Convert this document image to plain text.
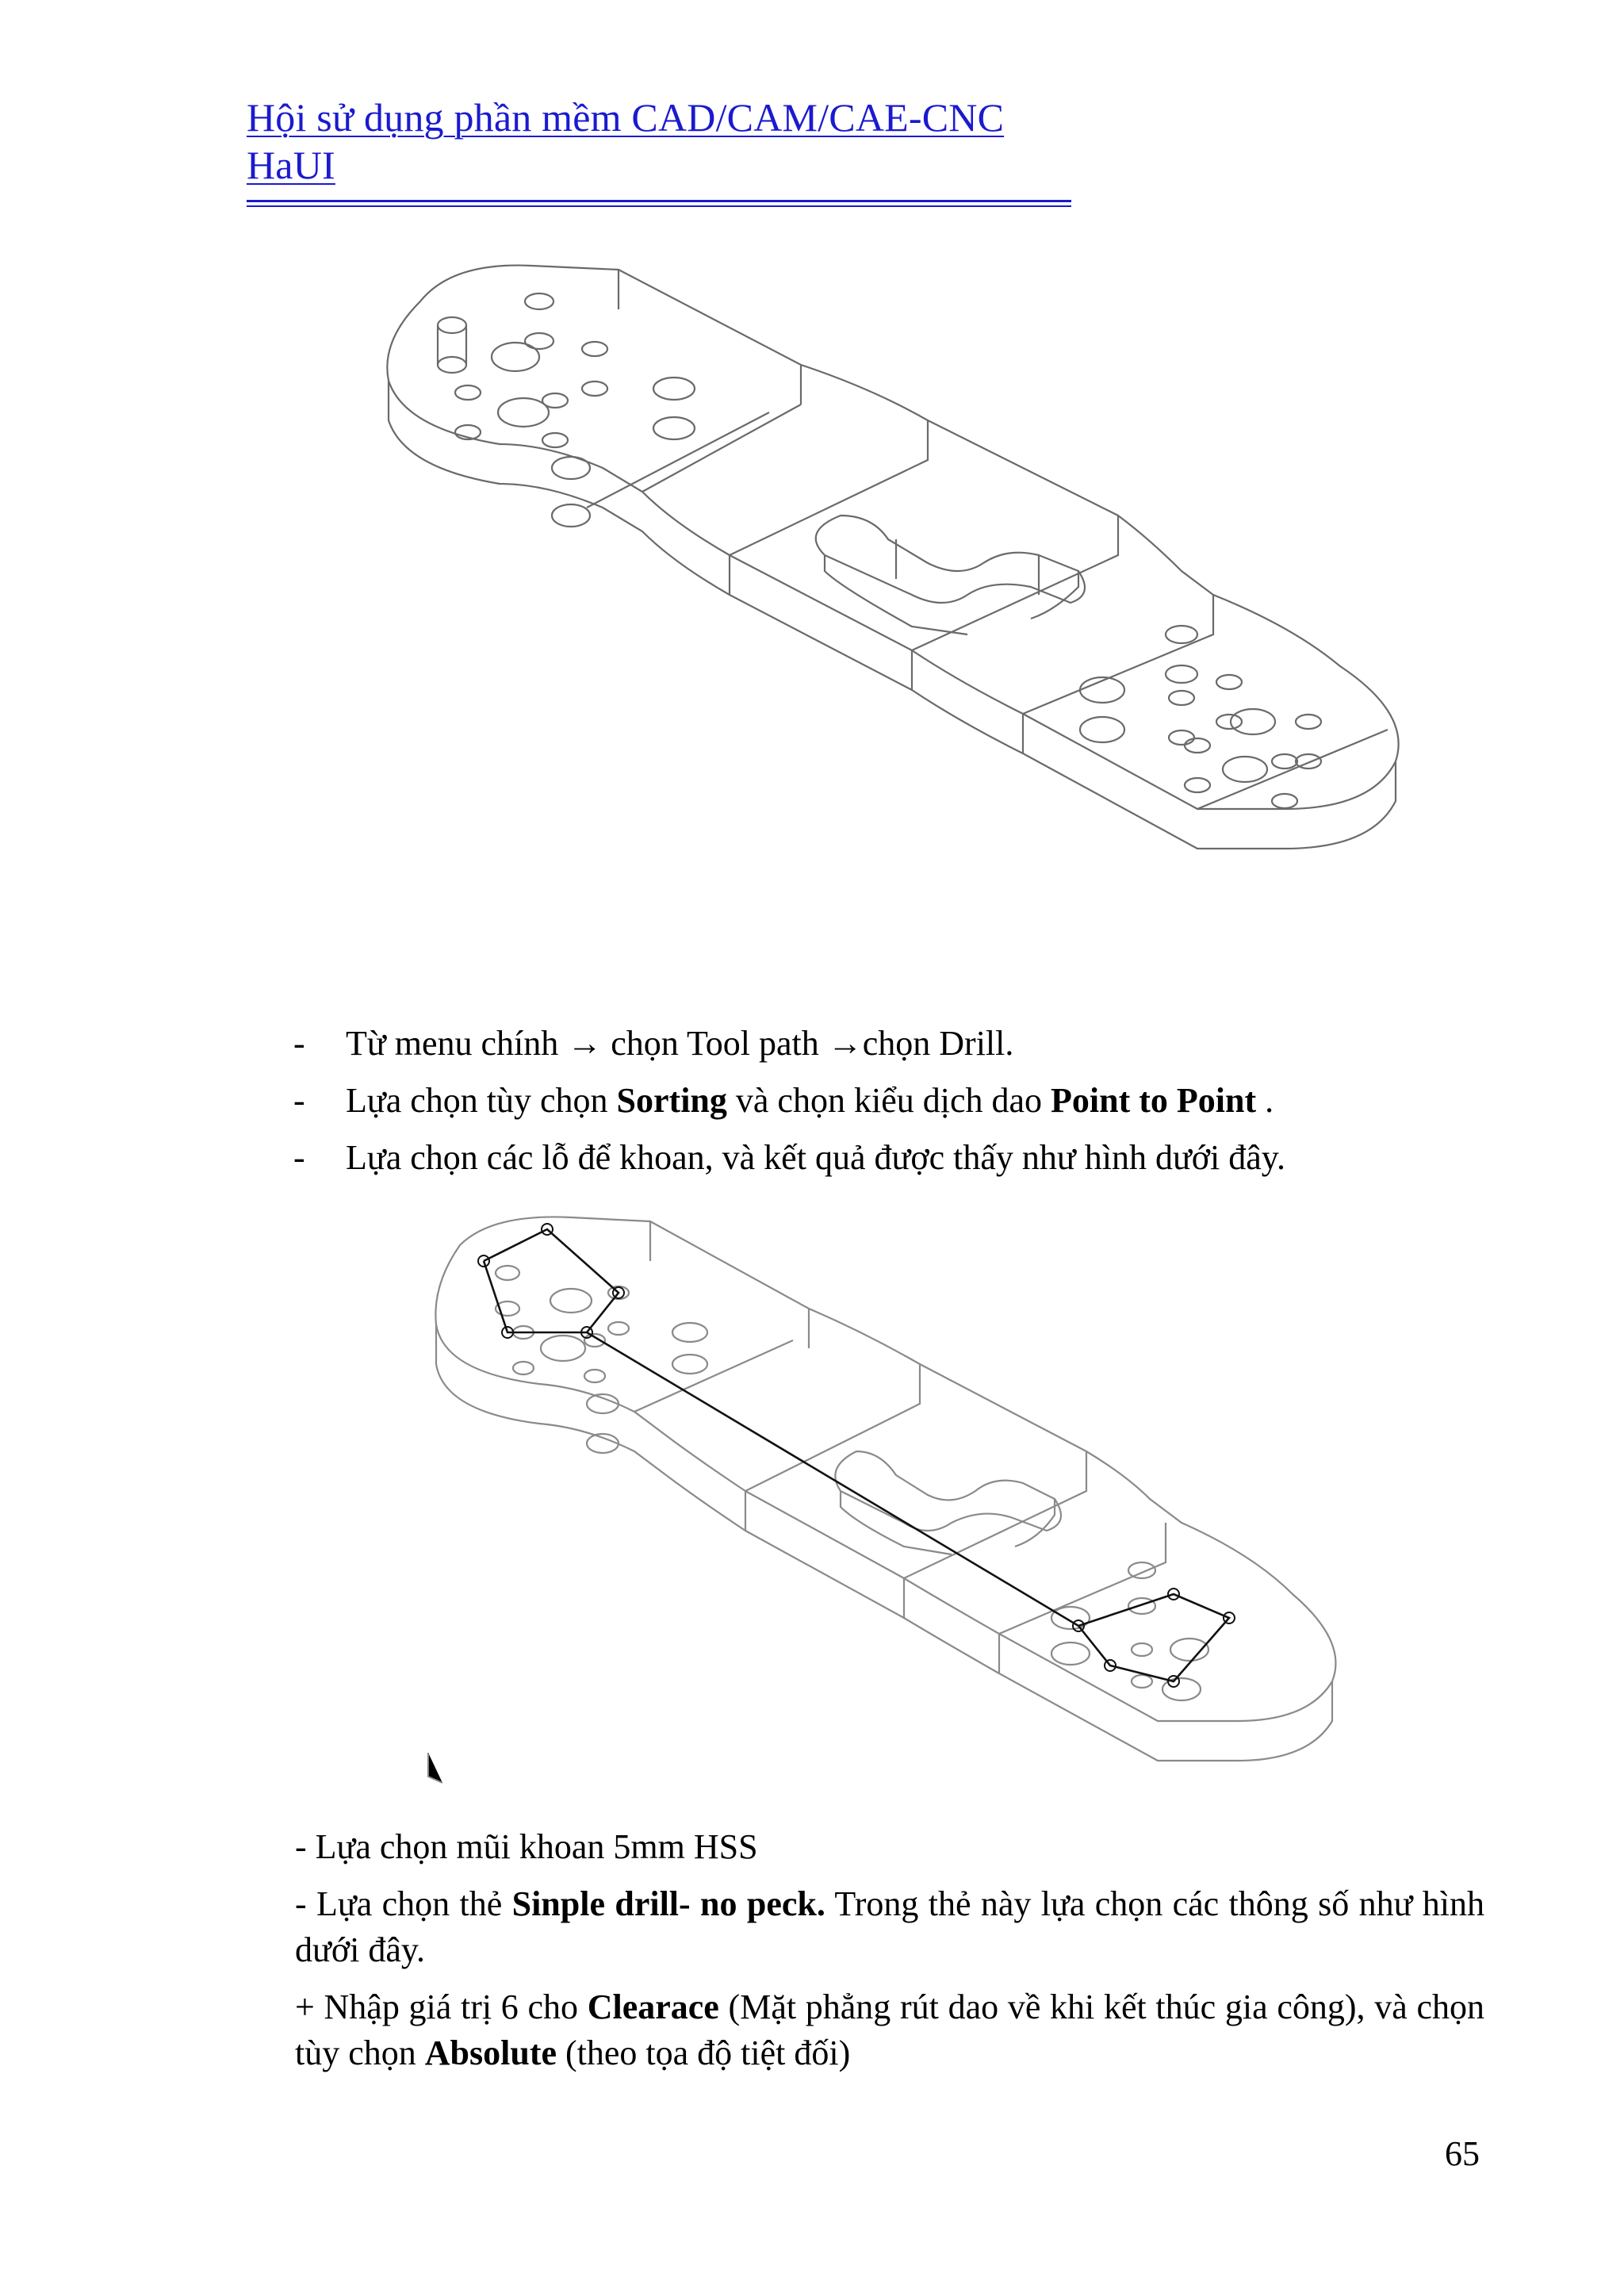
Hội sử dụng phần mềm CAD/CAM/CAE-CNC HaUI
-	Từ menu chính → chọn Tool path →chọn Drill.
-	Lựa chọn tùy chọn Sorting và chọn kiểu dịch dao Point to Point .
-	Lựa chọn các lỗ để khoan, và kết quả được thấy như hình dưới đây.
- Lựa chọn mũi khoan 5mm HSS
- Lựa chọn thẻ Sinple drill- no peck. Trong thẻ này lựa chọn các thông số như hình dưới đây.
+ Nhập giá trị 6 cho Clearace (Mặt phẳng rút dao về khi kết thúc gia công), và chọn tùy chọn Absolute (theo tọa độ tiệt đối)
65
